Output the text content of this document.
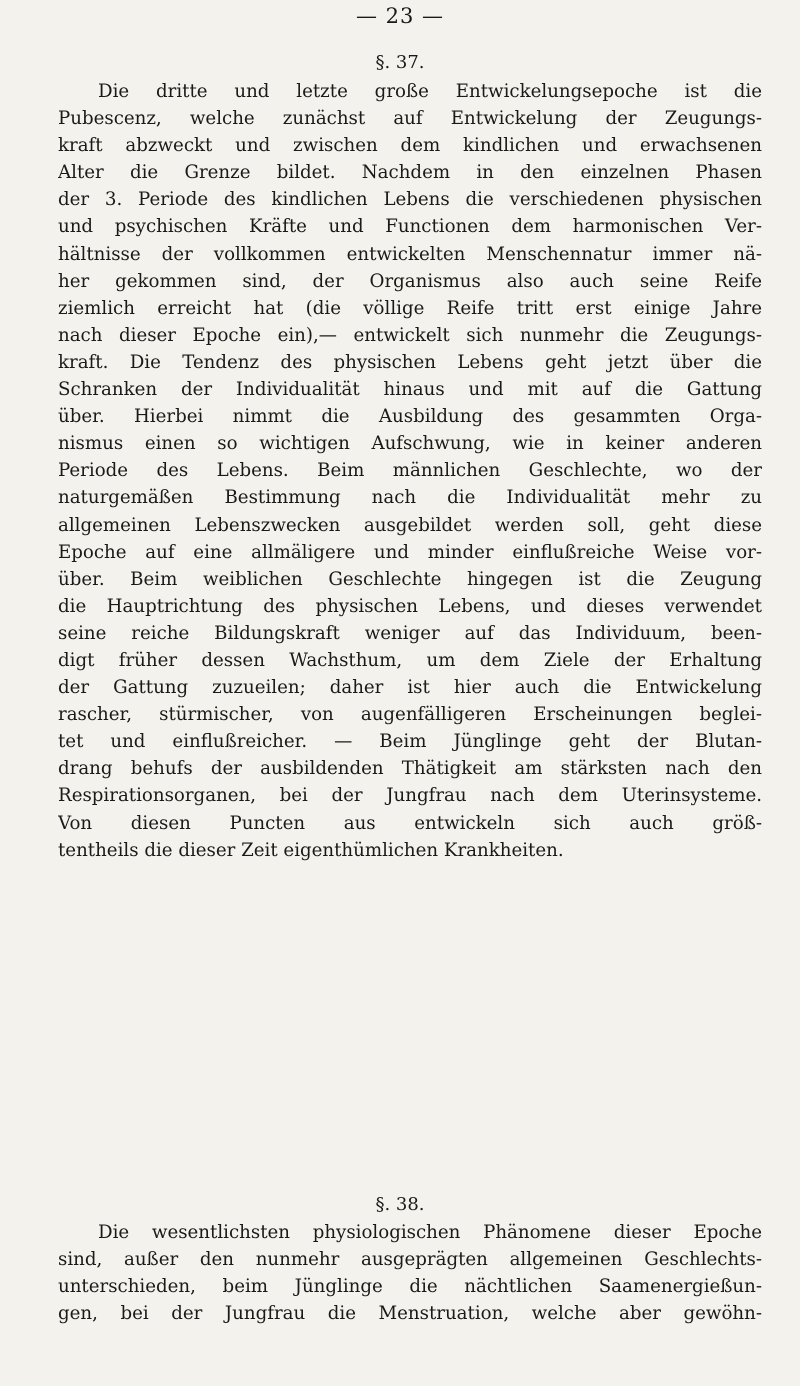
— 23 —
§. 37.
Die dritte und letzte große Entwickelungsepoche ist die
Pubescenz, welche zunächst auf Entwickelung der Zeugungs-
kraft abzweckt und zwischen dem kindlichen und erwachsenen
Alter die Grenze bildet. Nachdem in den einzelnen Phasen
der 3. Periode des kindlichen Lebens die verschiedenen physischen
und psychischen Kräfte und Functionen dem harmonischen Ver-
hältnisse der vollkommen entwickelten Menschennatur immer nä-
her gekommen sind, der Organismus also auch seine Reife
ziemlich erreicht hat (die völlige Reife tritt erst einige Jahre
nach dieser Epoche ein),— entwickelt sich nunmehr die Zeugungs-
kraft. Die Tendenz des physischen Lebens geht jetzt über die
Schranken der Individualität hinaus und mit auf die Gattung
über. Hierbei nimmt die Ausbildung des gesammten Orga-
nismus einen so wichtigen Aufschwung, wie in keiner anderen
Periode des Lebens. Beim männlichen Geschlechte, wo der
naturgemäßen Bestimmung nach die Individualität mehr zu
allgemeinen Lebenszwecken ausgebildet werden soll, geht diese
Epoche auf eine allmäligere und minder einflußreiche Weise vor-
über. Beim weiblichen Geschlechte hingegen ist die Zeugung
die Hauptrichtung des physischen Lebens, und dieses verwendet
seine reiche Bildungskraft weniger auf das Individuum, been-
digt früher dessen Wachsthum, um dem Ziele der Erhaltung
der Gattung zuzueilen; daher ist hier auch die Entwickelung
rascher, stürmischer, von augenfälligeren Erscheinungen beglei-
tet und einflußreicher. — Beim Jünglinge geht der Blutan-
drang behufs der ausbildenden Thätigkeit am stärksten nach den
Respirationsorganen, bei der Jungfrau nach dem Uterinsysteme.
Von diesen Puncten aus entwickeln sich auch größ-
tentheils die dieser Zeit eigenthümlichen Krankheiten.
§. 38.
Die wesentlichsten physiologischen Phänomene dieser Epoche
sind, außer den nunmehr ausgeprägten allgemeinen Geschlechts-
unterschieden, beim Jünglinge die nächtlichen Saamenergießun-
gen, bei der Jungfrau die Menstruation, welche aber gewöhn-
